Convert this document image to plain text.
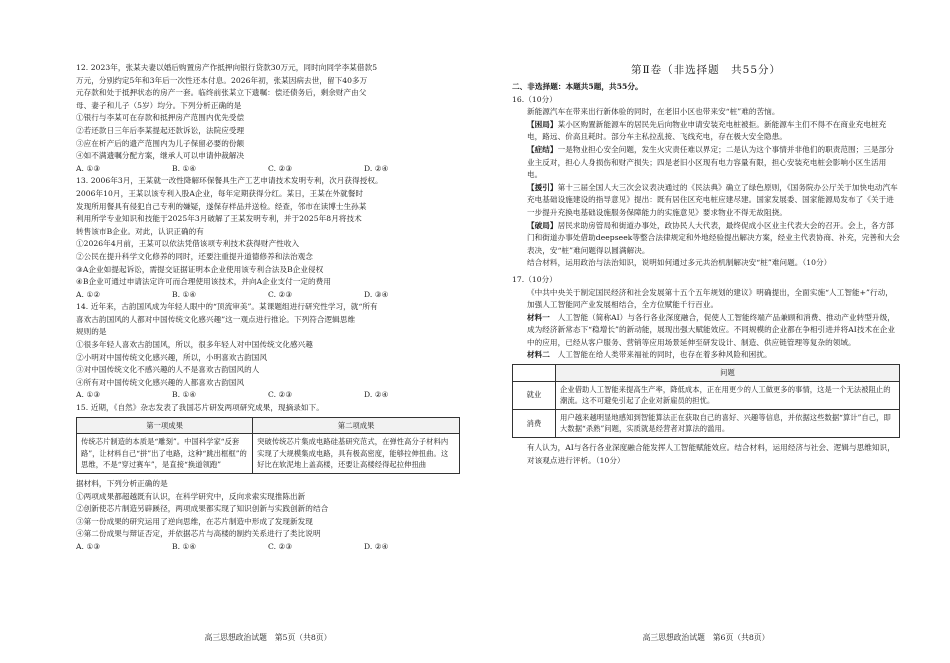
12. 2023年，张某夫妻以婚后购置房产作抵押向银行贷款30万元，同时向同学李某借款5
万元，分别约定5年和3年后一次性还本付息。2026年初，张某因病去世，留下40多万
元存款和处于抵押状态的房产一套。临终前张某立下遗嘱：偿还债务后，剩余财产由父
母、妻子和儿子（5岁）均分。下列分析正确的是
①银行与李某可在存款和抵押房产范围内优先受偿
②若还款日三年后李某提起还款诉讼，法院应受理
③应在析产后的遗产范围内为儿子保留必要的份额
④如不满遗嘱分配方案，继承人可以申请仲裁解决
A. ①③	B. ①④	C. ②③	D. ②④
13. 2006年3月，王某就一改性降解环保餐具生产工艺申请技术发明专利，次月获得授权。
2006年10月，王某以该专利入股A企业，每年定期获得分红。某日，王某在外就餐时
发现所用餐具有侵犯自己专利的嫌疑，遂保存样品并送检。经查，邻市在读博士生孙某
利用所学专业知识和技能于2025年3月破解了王某发明专利，并于2025年8月将技术
转售该市B企业。对此，认识正确的有
①2026年4月前，王某可以依法凭借该项专利技术获得财产性收入
②公民在提升科学文化修养的同时，还要注重提升道德修养和法治观念
③A企业如提起诉讼，需提交证据证明本企业使用该专利合法及B企业侵权
④B企业可通过申请法定许可而合理使用该技术，并向A企业支付一定的费用
A. ①②	B. ①④	C. ②③	D. ③④
14. 近年来，古韵国风成为年轻人眼中的“顶流审美”。某课题组进行研究性学习，就“所有
喜欢古韵国风的人都对中国传统文化感兴趣”这一观点进行推论。下列符合逻辑思维
规则的是
①很多年轻人喜欢古韵国风，所以，很多年轻人对中国传统文化感兴趣
②小明对中国传统文化感兴趣，所以，小明喜欢古韵国风
③对中国传统文化不感兴趣的人不是喜欢古韵国风的人
④所有对中国传统文化感兴趣的人都喜欢古韵国风
A. ①③	B. ①④	C. ②③	D. ②④
15. 近期，《自然》杂志发表了我国芯片研发两项研究成果，现摘录如下。
第一项成果	第二项成果
传统芯片制造的本质是“雕刻”。中国科学家“反套路”，让材料自己“拼”出了电路，这种“跳出框框”的思维，不是“穿过赛车”，是直接“换道领跑”	突破传统芯片集成电路硅基研究范式，在弹性高分子材料内实现了大规模集成电路，具有极高密度，能够拉伸扭曲。这好比在软泥地上盖高楼，还要让高楼经得起拉伸扭曲
据材料，下列分析正确的是
①两项成果都超越既有认识，在科学研究中，反向求索实现推陈出新
②创新使芯片制造另辟蹊径，两项成果都实现了知识创新与实践创新的结合
③第一份成果的研究运用了逆向思维，在芯片制造中形成了发现新发现
④第二份成果与辩证否定，并依据芯片与高楼的制约关系进行了类比说明
A. ①③	B. ①④	C. ②③	D. ②④
高三思想政治试题　第5页（共8页）
第Ⅱ卷（非选择题　共55分）
二、非选择题：本题共5题，共55分。
16.（10分）
新能源汽车在带来出行新体验的同时，在老旧小区也带来安“桩”难的苦恼。
【困局】某小区购置新能源车的居民先后向物业申请安装充电桩被拒。新能源车主们不得不在商业充电桩充电，路远、价高且耗时。部分车主私拉乱接、飞线充电，存在极大安全隐患。
【症结】一是物业担心安全问题，发生火灾责任难以界定；二是认为这个事情并非他们的职责范围；三是部分业主反对，担心人身损伤和财产损失；四是老旧小区现有电力容量有限，担心安装充电桩会影响小区生活用电。
【援引】第十三届全国人大三次会议表决通过的《民法典》确立了绿色原则，《国务院办公厅关于加快电动汽车充电基础设施建设的指导意见》提出：既有居住区充电桩应建尽建。国家发展委、国家能源局发布了《关于进一步提升充换电基础设施服务保障能力的实施意见》要求物业不得无故阻挠。
【破局】居民求助房管局和街道办事处，政协民人大代表，最终促成小区业主代表大会的召开。会上，各方部门和街道办事处借助deepseek等整合法律规定和外地经验提出解决方案，经业主代表协商、补充，完善和大会表决，安“桩”难问题得以圆满解决。
结合材料，运用政治与法治知识，说明如何通过多元共治机制解决安“桩”难问题。（10分）
17.（10分）
《中共中央关于制定国民经济和社会发展第十五个五年规划的建议》明确提出，全面实施“人工智能+”行动，加强人工智能同产业发展相结合，全方位赋能千行百业。
材料一　 人工智能（简称AI）与各行各业深度融合，促使人工智能终端产品兼顾和消费、推动产业转型升级，成为经济新常态下“稳增长”的新动能，展现出强大赋能效应。不同规模的企业都在争相引进并将AI技术在企业中的应用，已经从客户服务、营销等应用场景延伸至研发设计、制造、供应链管理等复杂的领域。
材料二　 人工智能在给人类带来福祉的同时，也存在着多种风险和困扰。
	问题
就业	企业借助人工智能来提高生产率，降低成本，正在用更少的人工做更多的事情，这是一个无法被阻止的潮流。这不可避免引起了企业对新雇员的担忧。
消费	用户越来越明显地感知到智能算法正在获取自己的喜好、兴趣等信息，并依据这些数据“算计”自己，即大数据“杀熟”问题，实质就是经营者对算法的滥用。
有人认为，AI与各行各业深度融合能发挥人工智能赋能效应。结合材料，运用经济与社会、逻辑与思维知识，对该观点进行评析。（10分）
高三思想政治试题　第6页（共8页）
